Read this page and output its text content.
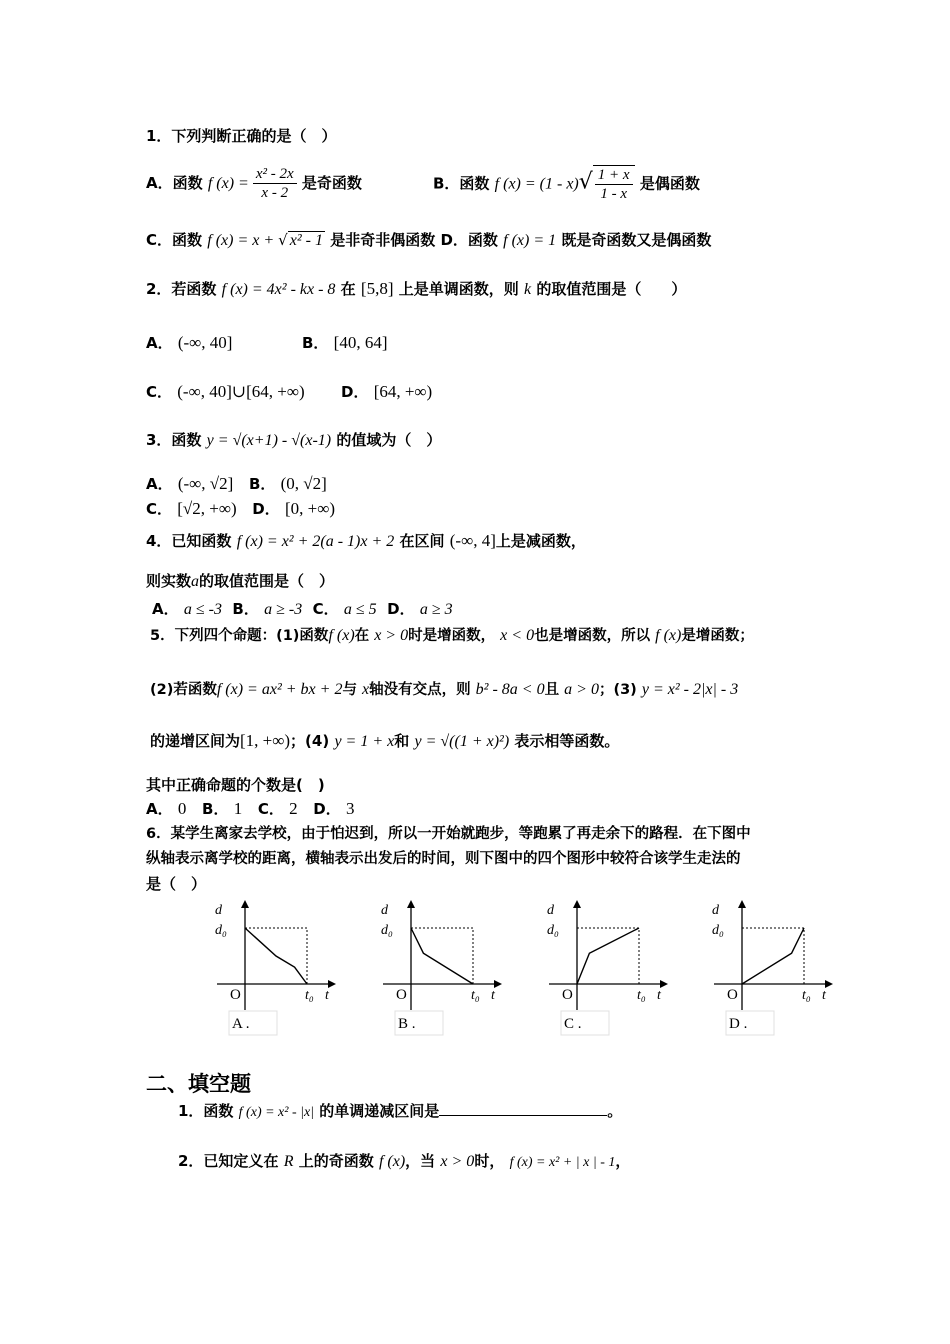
1．下列判断正确的是（　）
A．函数 f $(x) = \frac{\text{x² - 2x}}{x - 2}$ 是奇函数	B．函数 f $(x) = (1 - x)√ \frac{1 + x}{1 - x}$ 是偶函数
C．函数 f (x) = x + √ x² - 1 是非奇非偶函数 D．函数 f (x) = 1 既是奇函数又是偶函数
2．若函数 f (x) = 4x² - kx - 8 在 [5,8] 上是单调函数，则 k 的取值范围是（　　）
A． (-∞, 40]	B． [40, 64]
C． (-∞, 40]∪[64, +∞) D． [64, +∞)
3．函数 y = √(x+1) - √(x-1) 的值域为（　）
A． (-∞, √2] B． (0, √2]
C． [√2, +∞) D． [0, +∞)
4．已知函数 f (x) = x² + 2(a - 1)x + 2 在区间 (-∞, 4]上是减函数，
则实数a的取值范围是（　）
A． a ≤ -3 B． a ≥ -3 C． a ≤ 5 D． a ≥ 3
5．下列四个命题：(1)函数f (x)在 x > 0时是增函数， x < 0也是增函数，所以 f (x)是增函数；
(2)若函数f (x) = ax² + bx + 2与 x轴没有交点，则 b² - 8a < 0且 a > 0；(3) y = x² - 2|x| - 3
的递增区间为[1, +∞)；(4) y = 1 + x和 y = √((1 + x)²) 表示相等函数。
其中正确命题的个数是(　)
A． 0 B． 1 C． 2 D． 3
6．某学生离家去学校，由于怕迟到，所以一开始就跑步，等跑累了再走余下的路程．在下图中
纵轴表示离学校的距离，横轴表示出发后的时间，则下图中的四个图形中较符合该学生走法的
是（　）
d
d₀
O	t₀ t
A .
d
d₀
O	t₀ t
B .
d
d₀
O	t₀ t
C .
d
d₀
O	t₀ t
D .
二、填空题
1．函数 f (x) = x² - |x| 的单调递减区间是	。
2．已知定义在 R 上的奇函数 f (x)，当 x > 0时， f (x) = x² + | x | - 1，
